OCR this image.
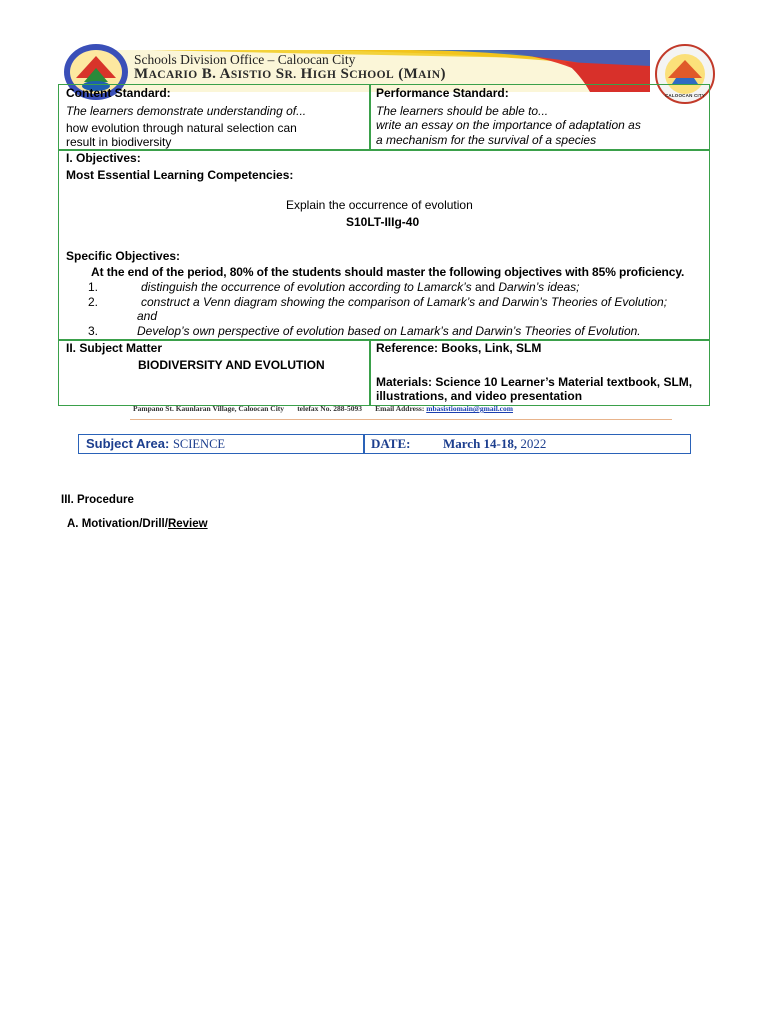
CALOOCAN CITY
Schools Division Office – Caloocan City
MACARIO B. ASISTIO SR. HIGH SCHOOL (MAIN)
Content Standard:
The learners demonstrate understanding of...
how evolution through natural selection can
result in biodiversity
Performance Standard:
The learners should be able to...
write an essay on the importance of adaptation as
a mechanism for the survival of a species
I. Objectives:
Most Essential Learning Competencies:
Explain the occurrence of evolution
S10LT-IIIg-40
Specific Objectives:
At the end of the period, 80% of the students should master the following objectives with 85% proficiency.
1.	distinguish the occurrence of evolution according to Lamarck’s and Darwin’s ideas;
2.	construct a Venn diagram showing the comparison of Lamark’s and Darwin’s Theories of Evolution;
and
3.	Develop’s own perspective of evolution based on Lamark’s and Darwin’s Theories of Evolution.
II. Subject Matter
BIODIVERSITY AND EVOLUTION
Reference: Books, Link, SLM
Materials: Science 10 Learner’s Material textbook, SLM,
illustrations, and video presentation
Pampano St. Kaunlaran Village, Caloocan City telefax No. 288-5093 Email Address: mbasistiomain@gmail.com
Subject Area: SCIENCE	DATE:	March 14-18, 2022
III. Procedure
A. Motivation/Drill/Review
